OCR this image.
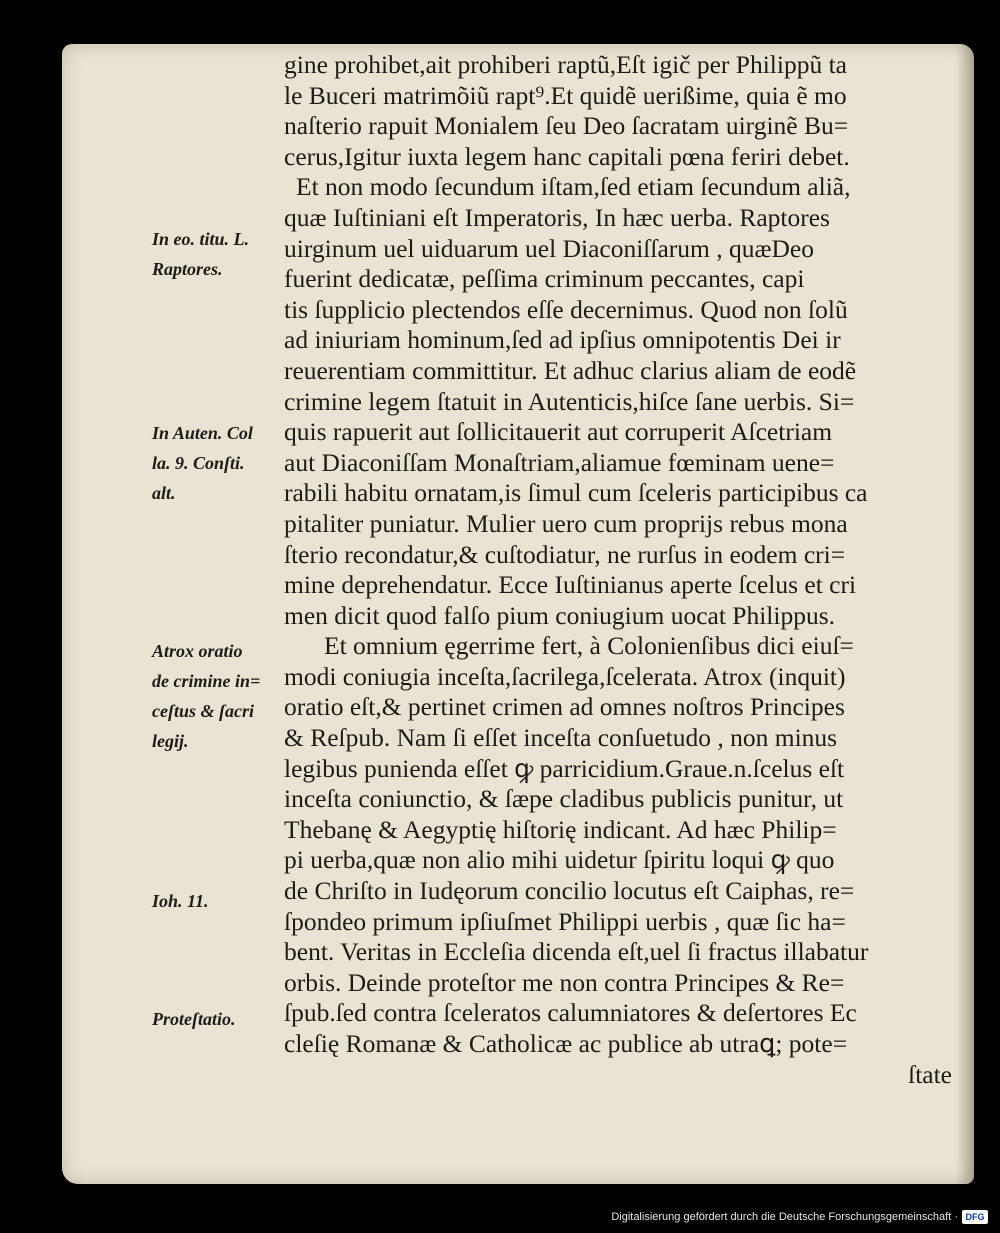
gine prohibet,ait prohiberi raptũ,Eſt igič per Philippũ ta
le Buceri matrimõiũ rapt⁹.Et quidẽ uerißime, quia ẽ mo
naſterio rapuit Monialem ſeu Deo ſacratam uirginẽ Bu=
cerus,Igitur iuxta legem hanc capitali pœna feriri debet.
Et non modo ſecundum iſtam,ſed etiam ſecundum aliã,
quæ Iuſtiniani eſt Imperatoris, In hæc uerba. Raptores
uirginum uel uiduarum uel Diaconiſſarum , quæDeo
fuerint dedicatæ, peſſima criminum peccantes, capi
tis ſupplicio plectendos eſſe decernimus. Quod non ſolũ
ad iniuriam hominum,ſed ad ipſius omnipotentis Dei ir
reuerentiam committitur. Et adhuc clarius aliam de eodẽ
crimine legem ſtatuit in Autenticis,hiſce ſane uerbis. Si=
quis rapuerit aut ſollicitauerit aut corruperit Aſcetriam
aut Diaconiſſam Monaſtriam,aliamue fœminam uene=
rabili habitu ornatam,is ſimul cum ſceleris participibus ca
pitaliter puniatur. Mulier uero cum proprijs rebus mona
ſterio recondatur,& cuſtodiatur, ne rurſus in eodem cri=
mine deprehendatur. Ecce Iuſtinianus aperte ſcelus et cri
men dicit quod falſo pium coniugium uocat Philippus.
Et omnium ęgerrime fert, à Colonienſibus dici eiuſ=
modi coniugia inceſta,ſacrilega,ſcelerata. Atrox (inquit)
oratio eſt,& pertinet crimen ad omnes noſtros Principes
& Reſpub. Nam ſi eſſet inceſta conſuetudo , non minus
legibus punienda eſſet ꝙ parricidium.Graue.n.ſcelus eſt
inceſta coniunctio, & ſæpe cladibus publicis punitur, ut
Thebanę & Aegyptię hiſtorię indicant. Ad hæc Philip=
pi uerba,quæ non alio mihi uidetur ſpiritu loqui ꝙ quo
de Chriſto in Iudęorum concilio locutus eſt Caiphas, re=
ſpondeo primum ipſiuſmet Philippi uerbis , quæ ſic ha=
bent. Veritas in Eccleſia dicenda eſt,uel ſi fractus illabatur
orbis. Deinde proteſtor me non contra Principes & Re=
ſpub.ſed contra ſceleratos calumniatores & deſertores Ec
cleſię Romanæ & Catholicæ ac publice ab utraꝗ; pote=
ſtate
In eo. titu. L.
Raptores.
In Auten. Col
la. 9. Conſti.
alt.
Atrox oratio
de crimine in=
ceſtus & ſacri
legij.
Ioh. 11.
Proteſtatio.
Digitalisierung gefördert durch die Deutsche Forschungsgemeinschaft · DFG
